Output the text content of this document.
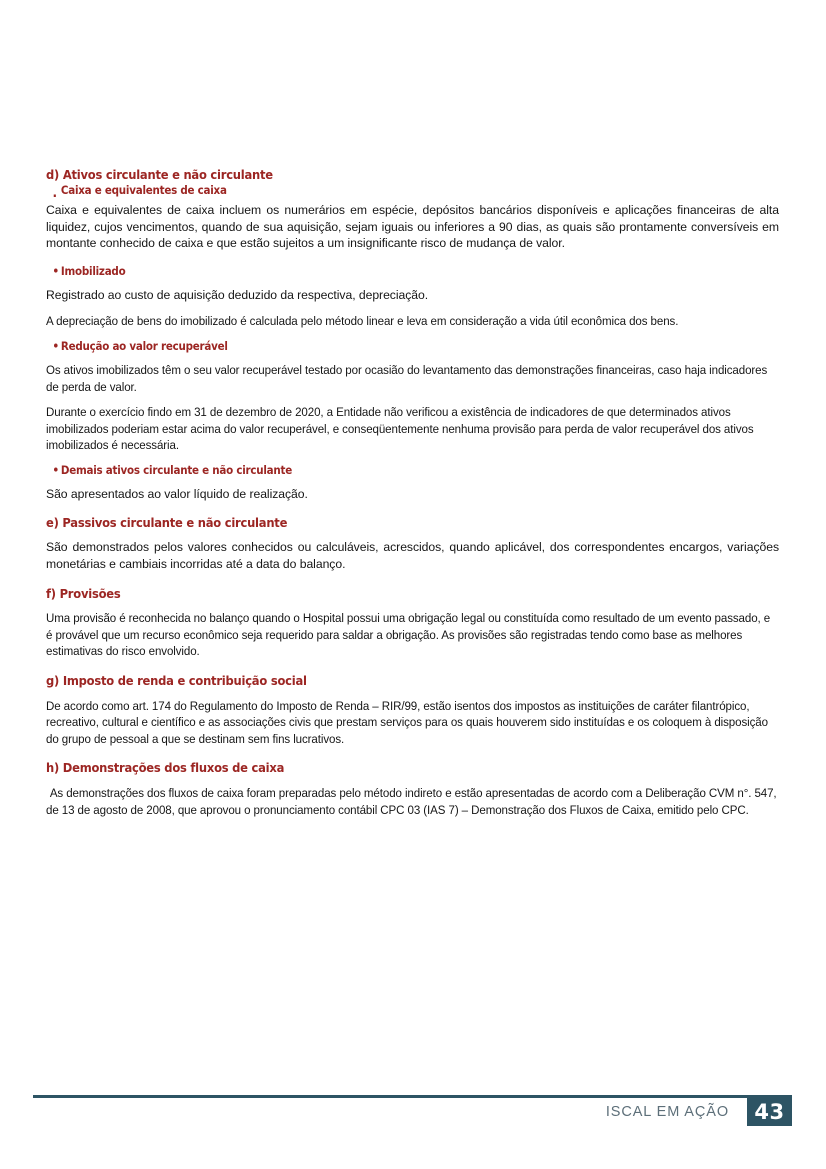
d) Ativos circulante e não circulante
. Caixa e equivalentes de caixa

Caixa e equivalentes de caixa incluem os numerários em espécie, depósitos bancários disponíveis e aplicações financeiras de alta liquidez, cujos vencimentos, quando de sua aquisição, sejam iguais ou inferiores a 90 dias, as quais são prontamente conversíveis em montante conhecido de caixa e que estão sujeitos a um insignificante risco de mudança de valor.

• Imobilizado

Registrado ao custo de aquisição deduzido da respectiva, depreciação.

A depreciação de bens do imobilizado é calculada pelo método linear e leva em consideração a vida útil econômica dos bens.

• Redução ao valor recuperável

Os ativos imobilizados têm o seu valor recuperável testado por ocasião do levantamento das demonstrações financeiras, caso haja indicadores de perda de valor.

Durante o exercício findo em 31 de dezembro de 2020, a Entidade não verificou a existência de indicadores de que determinados ativos imobilizados poderiam estar acima do valor recuperável, e conseqüentemente nenhuma provisão para perda de valor recuperável dos ativos imobilizados é necessária.

• Demais ativos circulante e não circulante

São apresentados ao valor líquido de realização.

e) Passivos circulante e não circulante

São demonstrados pelos valores conhecidos ou calculáveis, acrescidos, quando aplicável, dos correspondentes encargos, variações monetárias e cambiais incorridas até a data do balanço.

f) Provisões

Uma provisão é reconhecida no balanço quando o Hospital possui uma obrigação legal ou constituída como resultado de um evento passado, e é provável que um recurso econômico seja requerido para saldar a obrigação. As provisões são registradas tendo como base as melhores estimativas do risco envolvido.

g) Imposto de renda e contribuição social

De acordo como art. 174 do Regulamento do Imposto de Renda – RIR/99, estão isentos dos impostos as instituições de caráter filantrópico, recreativo, cultural e científico e as associações civis que prestam serviços para os quais houverem sido instituídas e os coloquem à disposição do grupo de pessoal a que se destinam sem fins lucrativos.

h) Demonstrações dos fluxos de caixa

As demonstrações dos fluxos de caixa foram preparadas pelo método indireto e estão apresentadas de acordo com a Deliberação CVM n°. 547, de 13 de agosto de 2008, que aprovou o pronunciamento contábil CPC 03 (IAS 7) – Demonstração dos Fluxos de Caixa, emitido pelo CPC.

ISCAL EM AÇÃO	43
